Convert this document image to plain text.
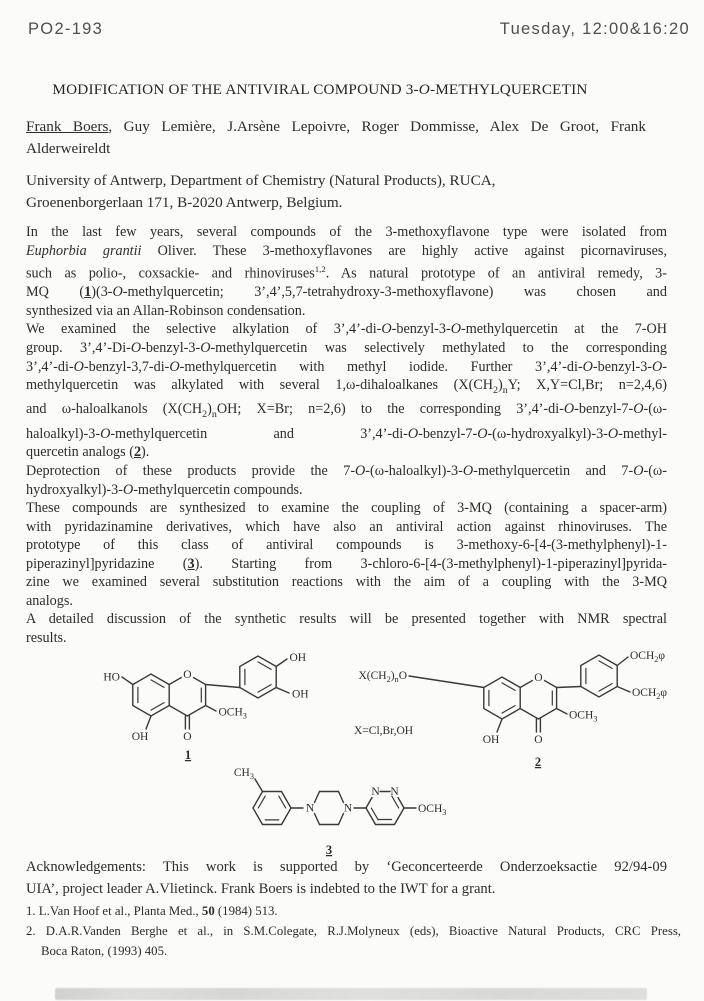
PO2-193	Tuesday, 12:00&16:20
MODIFICATION OF THE ANTIVIRAL COMPOUND 3-O-METHYLQUERCETIN
Frank Boers, Guy Lemière, J.Arsène Lepoivre, Roger Dommisse, Alex De Groot, Frank
Alderweireldt
University of Antwerp, Department of Chemistry (Natural Products), RUCA,
Groenenborgerlaan 171, B-2020 Antwerp, Belgium.
In the last few years, several compounds of the 3-methoxyflavone type were isolated from
Euphorbia grantii Oliver. These 3-methoxyflavones are highly active against picornaviruses,
such as polio-, coxsackie- and rhinoviruses$^{1,2}$. As natural prototype of an antiviral remedy, 3-
MQ (1)(3-O-methylquercetin; 3’,4’,5,7-tetrahydroxy-3-methoxyflavone) was chosen and
synthesized via an Allan-Robinson condensation.
We examined the selective alkylation of 3’,4’-di-O-benzyl-3-O-methylquercetin at the 7-OH
group. 3’,4’-Di-O-benzyl-3-O-methylquercetin was selectively methylated to the corresponding
3’,4’-di-O-benzyl-3,7-di-O-methylquercetin with methyl iodide. Further 3’,4’-di-O-benzyl-3-O-
methylquercetin was alkylated with several 1,ω-dihaloalkanes ($X(CH_2)_nY$; X,Y=Cl,Br; n=2,4,6)
and ω-haloalkanols ($X(CH_2)_nOH$; X=Br; n=2,6) to the corresponding 3’,4’-di-O-benzyl-7-O-(ω-
haloalkyl)-3-O-methylquercetin and 3’,4’-di-O-benzyl-7-O-(ω-hydroxyalkyl)-3-O-methyl-
quercetin analogs (2).
Deprotection of these products provide the 7-O-(ω-haloalkyl)-3-O-methylquercetin and 7-O-(ω-
hydroxyalkyl)-3-O-methylquercetin compounds.
These compounds are synthesized to examine the coupling of 3-MQ (containing a spacer-arm)
with pyridazinamine derivatives, which have also an antiviral action against rhinoviruses. The
prototype of this class of antiviral compounds is 3-methoxy-6-[4-(3-methylphenyl)-1-
piperazinyl]pyridazine (3). Starting from 3-chloro-6-[4-(3-methylphenyl)-1-piperazinyl]pyrida-
zine we examined several substitution reactions with the aim of a coupling with the 3-MQ
analogs.
A detailed discussion of the synthetic results will be presented together with NMR spectral
results.
HO	O
OH
OH
$OCH_3$
OH	O
1
$X(CH_2)_nO$
X=Cl,Br,OH
O
$OCH_2\varphi$
$OCH_2\varphi$
$OCH_3$
OH	O
2
$CH_3$
N	N
N N
$OCH_3$
3
Acknowledgements: This work is supported by ‘Geconcerteerde Onderzoeksactie 92/94-09
UIA’, project leader A.Vlietinck. Frank Boers is indebted to the IWT for a grant.
1. L.Van Hoof et al., Planta Med., 50 (1984) 513.
2. D.A.R.Vanden Berghe et al., in S.M.Colegate, R.J.Molyneux (eds), Bioactive Natural Products, CRC Press,
Boca Raton, (1993) 405.
